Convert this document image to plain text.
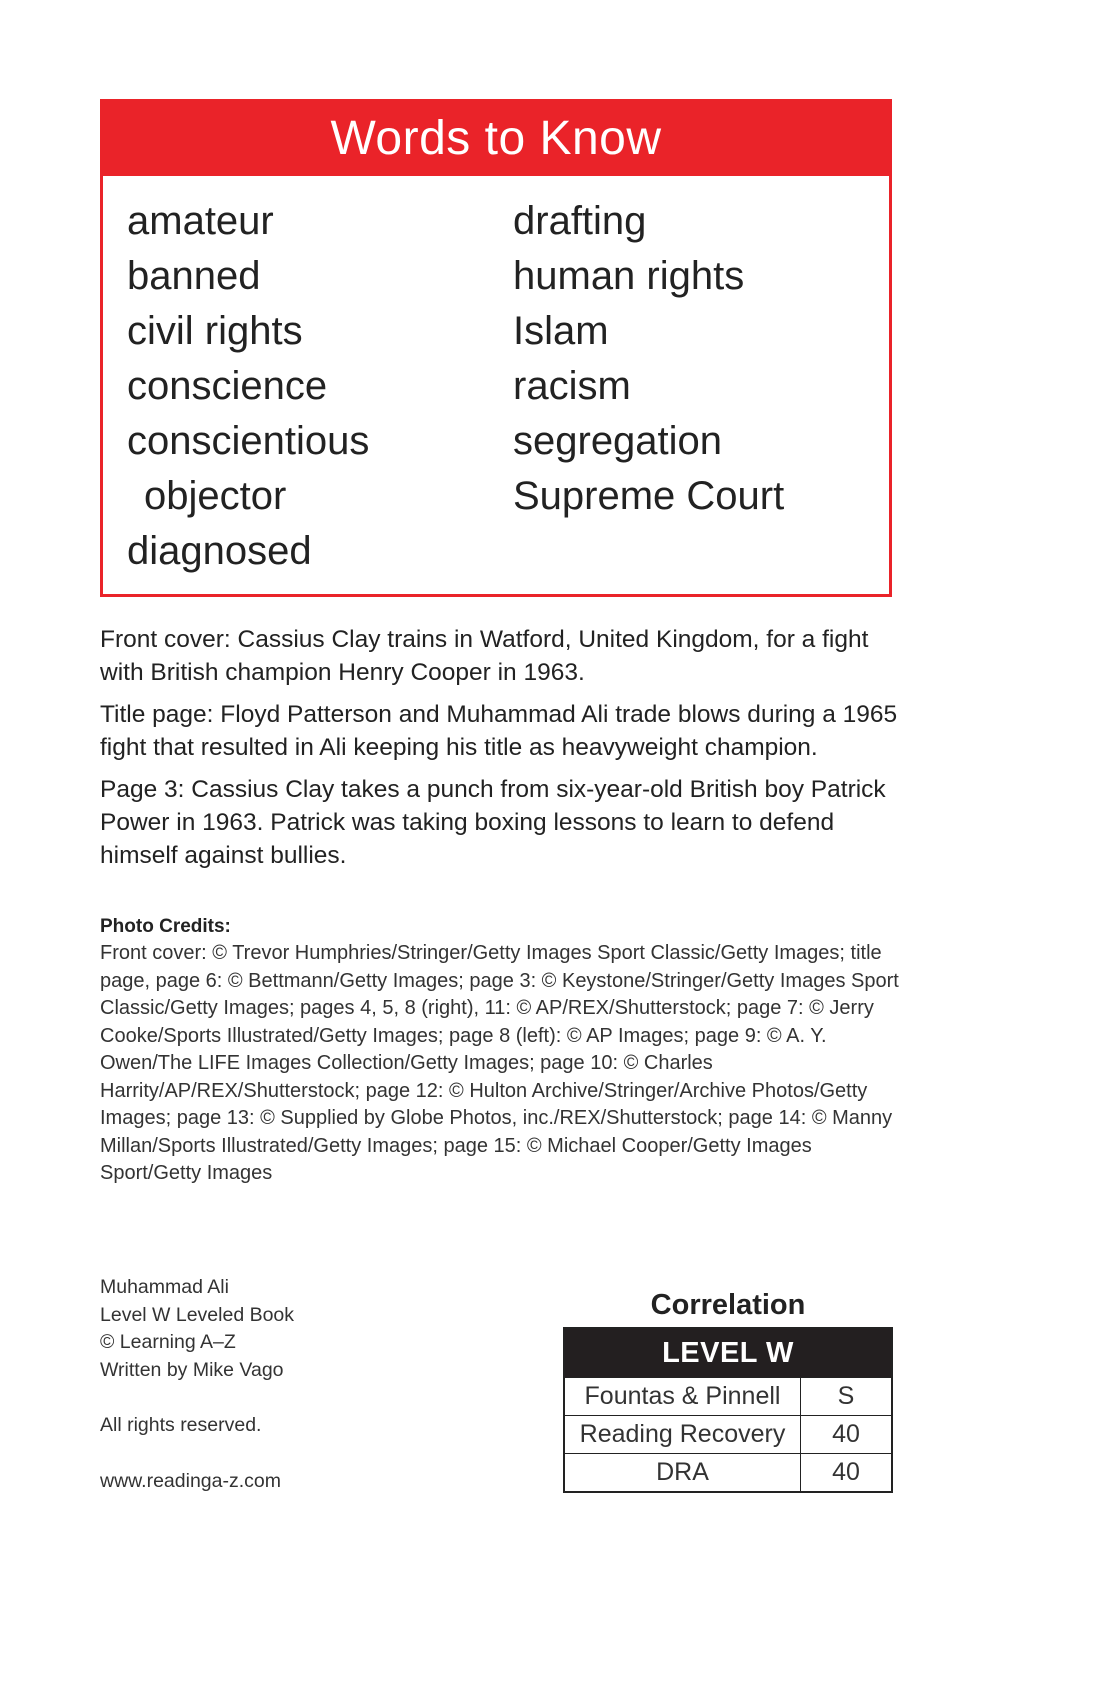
Words to Know
amateur
banned
civil rights
conscience
conscientious
objector
diagnosed
drafting
human rights
Islam
racism
segregation
Supreme Court

Front cover: Cassius Clay trains in Watford, United Kingdom, for a fight with British champion Henry Cooper in 1963.

Title page: Floyd Patterson and Muhammad Ali trade blows during a 1965 fight that resulted in Ali keeping his title as heavyweight champion.

Page 3: Cassius Clay takes a punch from six-year-old British boy Patrick Power in 1963. Patrick was taking boxing lessons to learn to defend himself against bullies.

Photo Credits:

Front cover: © Trevor Humphries/Stringer/Getty Images Sport Classic/Getty Images; title page, page 6: © Bettmann/Getty Images; page 3: © Keystone/Stringer/Getty Images Sport Classic/Getty Images; pages 4, 5, 8 (right), 11: © AP/REX/Shutterstock; page 7: © Jerry Cooke/Sports Illustrated/Getty Images; page 8 (left): © AP Images; page 9: © A. Y. Owen/The LIFE Images Collection/Getty Images; page 10: © Charles Harrity/AP/REX/Shutterstock; page 12: © Hulton Archive/Stringer/Archive Photos/Getty Images; page 13: © Supplied by Globe Photos, inc./REX/Shutterstock; page 14: © Manny Millan/Sports Illustrated/Getty Images; page 15: © Michael Cooper/Getty Images Sport/Getty Images

Muhammad Ali
Level W Leveled Book
© Learning A–Z
Written by Mike Vago
All rights reserved.
www.readinga-z.com
Correlation
LEVEL W	
Fountas & Pinnell	S
Reading Recovery	40
DRA	40
